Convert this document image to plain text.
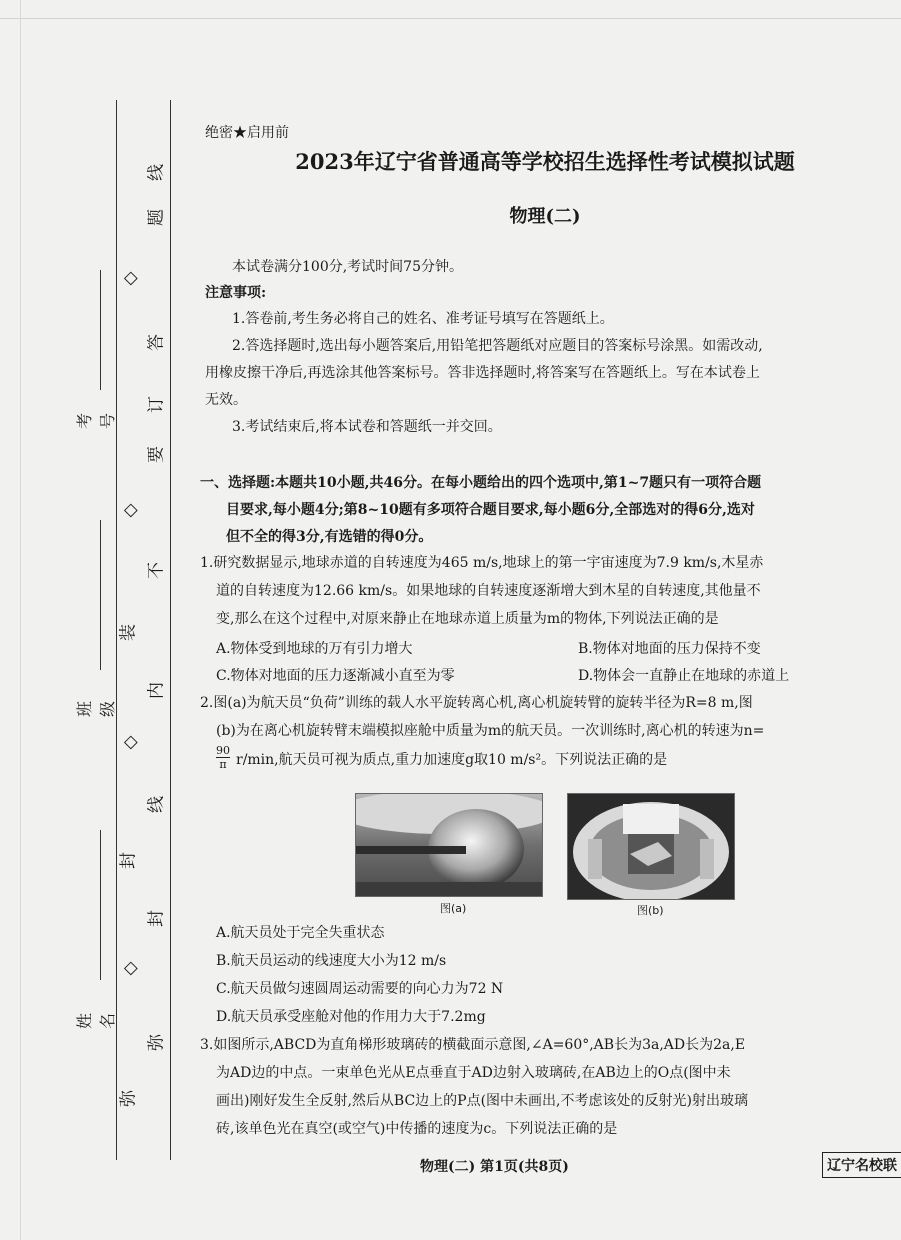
线
题
◇
答
订
要
◇
不
装
内
◇
线
封
封
◇
弥
弥
考号
班级
姓名
绝密★启用前
2023年辽宁省普通高等学校招生选择性考试模拟试题
物理(二)
本试卷满分100分,考试时间75分钟。
注意事项:
1.答卷前,考生务必将自己的姓名、准考证号填写在答题纸上。
2.答选择题时,选出每小题答案后,用铅笔把答题纸对应题目的答案标号涂黑。如需改动,
用橡皮擦干净后,再选涂其他答案标号。答非选择题时,将答案写在答题纸上。写在本试卷上
无效。
3.考试结束后,将本试卷和答题纸一并交回。
一、选择题:本题共10小题,共46分。在每小题给出的四个选项中,第1~7题只有一项符合题
目要求,每小题4分;第8~10题有多项符合题目要求,每小题6分,全部选对的得6分,选对
但不全的得3分,有选错的得0分。
1.研究数据显示,地球赤道的自转速度为465 m/s,地球上的第一宇宙速度为7.9 km/s,木星赤
道的自转速度为12.66 km/s。如果地球的自转速度逐渐增大到木星的自转速度,其他量不
变,那么在这个过程中,对原来静止在地球赤道上质量为m的物体,下列说法正确的是
A.物体受到地球的万有引力增大	B.物体对地面的压力保持不变
C.物体对地面的压力逐渐减小直至为零	D.物体会一直静止在地球的赤道上
2.图(a)为航天员“负荷”训练的载人水平旋转离心机,离心机旋转臂的旋转半径为R=8 m,图
(b)为在离心机旋转臂末端模拟座舱中质量为m的航天员。一次训练时,离心机的转速为n=
$\frac{90}{\pi} r/\min$,航天员可视为质点,重力加速度g取10 m/s²。下列说法正确的是
图(a)	图(b)
A.航天员处于完全失重状态
B.航天员运动的线速度大小为12 m/s
C.航天员做匀速圆周运动需要的向心力为72 N
D.航天员承受座舱对他的作用力大于7.2mg
3.如图所示,ABCD为直角梯形玻璃砖的横截面示意图,∠A=60°,AB长为3a,AD长为2a,E
为AD边的中点。一束单色光从E点垂直于AD边射入玻璃砖,在AB边上的O点(图中未
画出)刚好发生全反射,然后从BC边上的P点(图中未画出,不考虑该处的反射光)射出玻璃
砖,该单色光在真空(或空气)中传播的速度为c。下列说法正确的是
物理(二) 第1页(共8页)	辽宁名校联
